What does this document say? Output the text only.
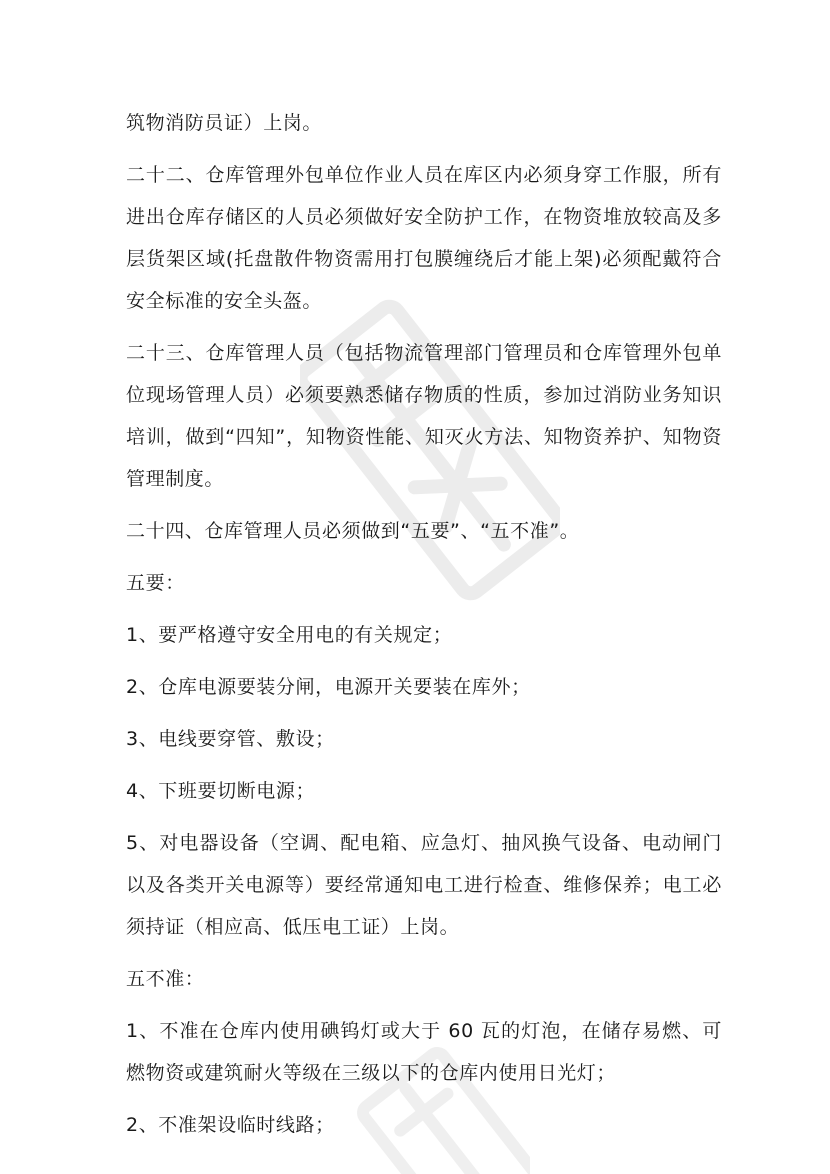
筑物消防员证）上岗。

二十二、仓库管理外包单位作业人员在库区内必须身穿工作服，所有进出仓库存储区的人员必须做好安全防护工作，在物资堆放较高及多层货架区域(托盘散件物资需用打包膜缠绕后才能上架)必须配戴符合安全标准的安全头盔。

二十三、仓库管理人员（包括物流管理部门管理员和仓库管理外包单位现场管理人员）必须要熟悉储存物质的性质，参加过消防业务知识培训，做到“四知”，知物资性能、知灭火方法、知物资养护、知物资管理制度。

二十四、仓库管理人员必须做到“五要”、“五不准”。

五要：

1、要严格遵守安全用电的有关规定；

2、仓库电源要装分闸，电源开关要装在库外；

3、电线要穿管、敷设；

4、下班要切断电源；

5、对电器设备（空调、配电箱、应急灯、抽风换气设备、电动闸门以及各类开关电源等）要经常通知电工进行检查、维修保养；电工必须持证（相应高、低压电工证）上岗。

五不准：

1、不准在仓库内使用碘钨灯或大于 60 瓦的灯泡，在储存易燃、可燃物资或建筑耐火等级在三级以下的仓库内使用日光灯；

2、不准架设临时线路；
